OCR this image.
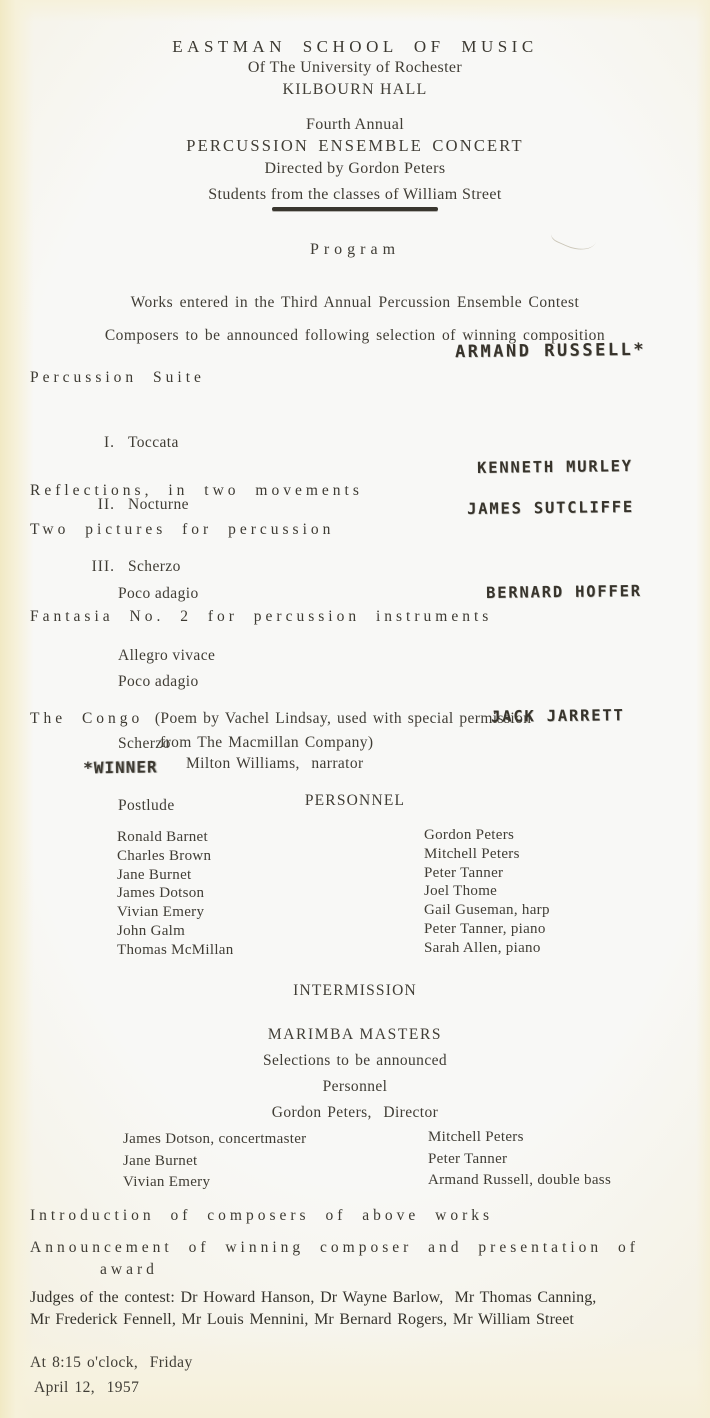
EASTMAN SCHOOL OF MUSIC
Of The University of Rochester
KILBOURN HALL
Fourth Annual
PERCUSSION ENSEMBLE CONCERT
Directed by Gordon Peters
Students from the classes of William Street
Program
Works entered in the Third Annual Percussion Ensemble Contest
Composers to be announced following selection of winning composition
ARMAND RUSSELL*
KENNETH MURLEY
JAMES SUTCLIFFE
BERNARD HOFFER
JACK JARRETT
*WINNER
Percussion Suite

I. Toccata

II. Nocturne

III. Scherzo

Reflections, in two movements
Two pictures for percussion

Poco adagio

Allegro vivace

Fantasia No. 2 for percussion instruments

Poco adagio

Scherzo

Postlude

The Congo (Poem by Vachel Lindsay, used with special permission
from The Macmillan Company)
Milton Williams,  narrator
PERSONNEL
Ronald Barnet
Charles Brown
Jane Burnet
James Dotson
Vivian Emery
John Galm
Thomas McMillan
Gordon Peters
Mitchell Peters
Peter Tanner
Joel Thome
Gail Guseman, harp
Peter Tanner, piano
Sarah Allen, piano
INTERMISSION
MARIMBA MASTERS
Selections to be announced
Personnel
Gordon Peters,  Director
James Dotson, concertmaster
Jane Burnet
Vivian Emery
Mitchell Peters
Peter Tanner
Armand Russell, double bass
Introduction of composers of above works
Announcement of winning composer and presentation of
award
Judges of the contest: Dr Howard Hanson, Dr Wayne Barlow,  Mr Thomas Canning,
Mr Frederick Fennell, Mr Louis Mennini, Mr Bernard Rogers, Mr William Street
At 8:15 o'clock,  Friday
April 12,  1957
